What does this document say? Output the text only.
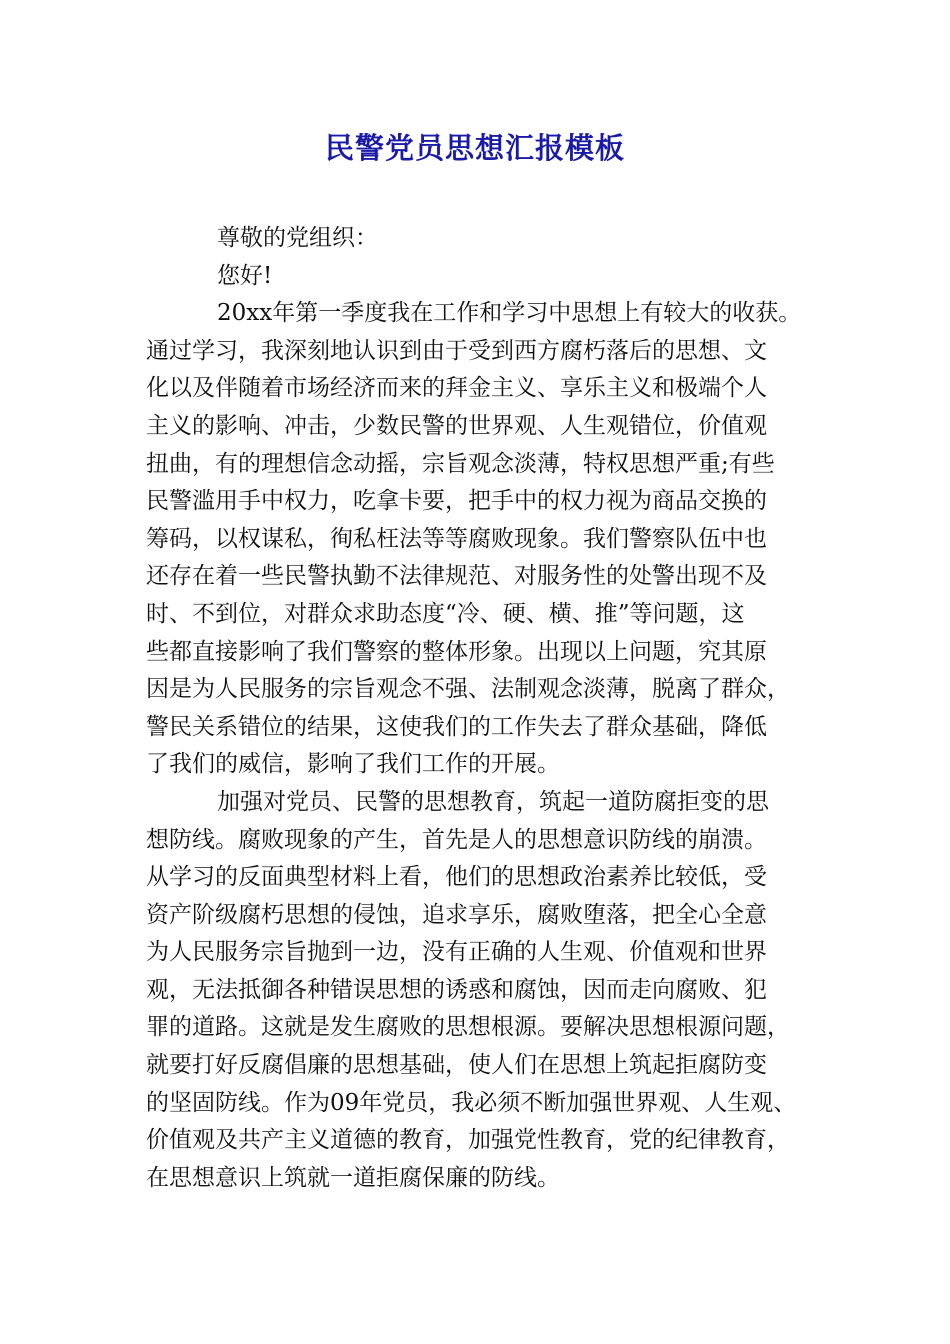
民警党员思想汇报模板
尊敬的党组织：
您好!
20xx年第一季度我在工作和学习中思想上有较大的收获。
通过学习，我深刻地认识到由于受到西方腐朽落后的思想、文
化以及伴随着市场经济而来的拜金主义、享乐主义和极端个人
主义的影响、冲击，少数民警的世界观、人生观错位，价值观
扭曲，有的理想信念动摇，宗旨观念淡薄，特权思想严重;有些
民警滥用手中权力，吃拿卡要，把手中的权力视为商品交换的
筹码，以权谋私，徇私枉法等等腐败现象。我们警察队伍中也
还存在着一些民警执勤不法律规范、对服务性的处警出现不及
时、不到位，对群众求助态度“冷、硬、横、推”等问题，这
些都直接影响了我们警察的整体形象。出现以上问题，究其原
因是为人民服务的宗旨观念不强、法制观念淡薄，脱离了群众，
警民关系错位的结果，这使我们的工作失去了群众基础，降低
了我们的威信，影响了我们工作的开展。
加强对党员、民警的思想教育，筑起一道防腐拒变的思
想防线。腐败现象的产生，首先是人的思想意识防线的崩溃。
从学习的反面典型材料上看，他们的思想政治素养比较低，受
资产阶级腐朽思想的侵蚀，追求享乐，腐败堕落，把全心全意
为人民服务宗旨抛到一边，没有正确的人生观、价值观和世界
观，无法抵御各种错误思想的诱惑和腐蚀，因而走向腐败、犯
罪的道路。这就是发生腐败的思想根源。要解决思想根源问题，
就要打好反腐倡廉的思想基础，使人们在思想上筑起拒腐防变
的坚固防线。作为09年党员，我必须不断加强世界观、人生观、
价值观及共产主义道德的教育，加强党性教育，党的纪律教育，
在思想意识上筑就一道拒腐保廉的防线。
